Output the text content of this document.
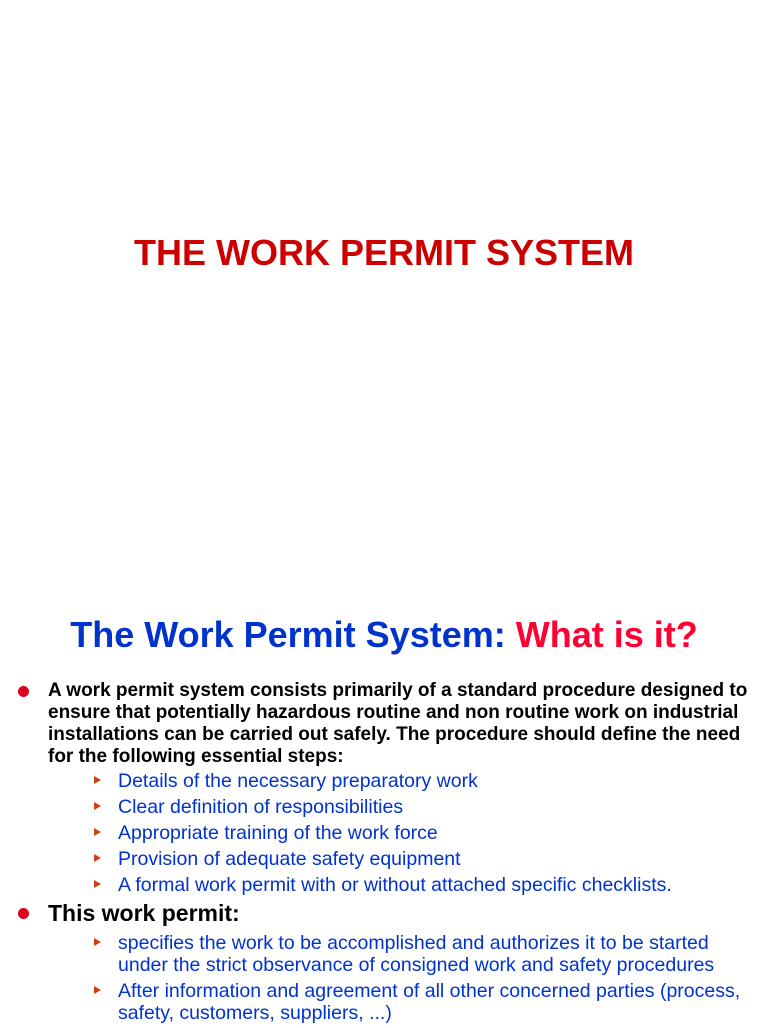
THE WORK PERMIT SYSTEM
The Work Permit System: What is it?
A work permit system consists primarily of a standard procedure designed to ensure that potentially hazardous routine and non routine work on industrial installations can be carried out safely. The procedure should define the need for the following essential steps:
Details of the necessary preparatory work
Clear definition of responsibilities
Appropriate training of the work force
Provision of adequate safety equipment
A formal work permit with or without attached specific checklists.
This work permit:
specifies the work to be accomplished and authorizes it to be started under the strict observance of consigned work and safety procedures
After information and agreement of all other concerned parties (process, safety, customers, suppliers, ...)
